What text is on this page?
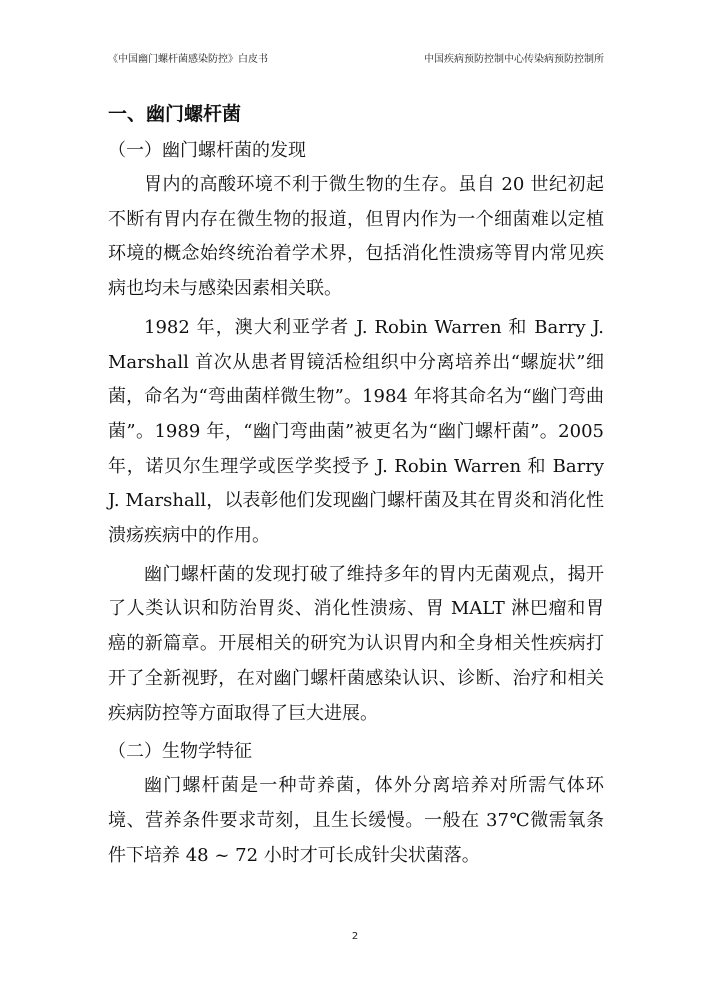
《中国幽门螺杆菌感染防控》白皮书	中国疾病预防控制中心传染病预防控制所
一、幽门螺杆菌
（一）幽门螺杆菌的发现

胃内的高酸环境不利于微生物的生存。虽自 20 世纪初起不断有胃内存在微生物的报道，但胃内作为一个细菌难以定植环境的概念始终统治着学术界，包括消化性溃疡等胃内常见疾病也均未与感染因素相关联。

1982 年，澳大利亚学者 J. Robin Warren 和 Barry J. Marshall 首次从患者胃镜活检组织中分离培养出“螺旋状”细菌，命名为“弯曲菌样微生物”。1984 年将其命名为“幽门弯曲菌”。1989 年，“幽门弯曲菌”被更名为“幽门螺杆菌”。2005 年，诺贝尔生理学或医学奖授予 J. Robin Warren 和 Barry J. Marshall，以表彰他们发现幽门螺杆菌及其在胃炎和消化性溃疡疾病中的作用。

幽门螺杆菌的发现打破了维持多年的胃内无菌观点，揭开了人类认识和防治胃炎、消化性溃疡、胃 MALT 淋巴瘤和胃癌的新篇章。开展相关的研究为认识胃内和全身相关性疾病打开了全新视野，在对幽门螺杆菌感染认识、诊断、治疗和相关疾病防控等方面取得了巨大进展。

（二）生物学特征

幽门螺杆菌是一种苛养菌，体外分离培养对所需气体环境、营养条件要求苛刻，且生长缓慢。一般在 37℃微需氧条件下培养 48 ~ 72 小时才可长成针尖状菌落。

2
